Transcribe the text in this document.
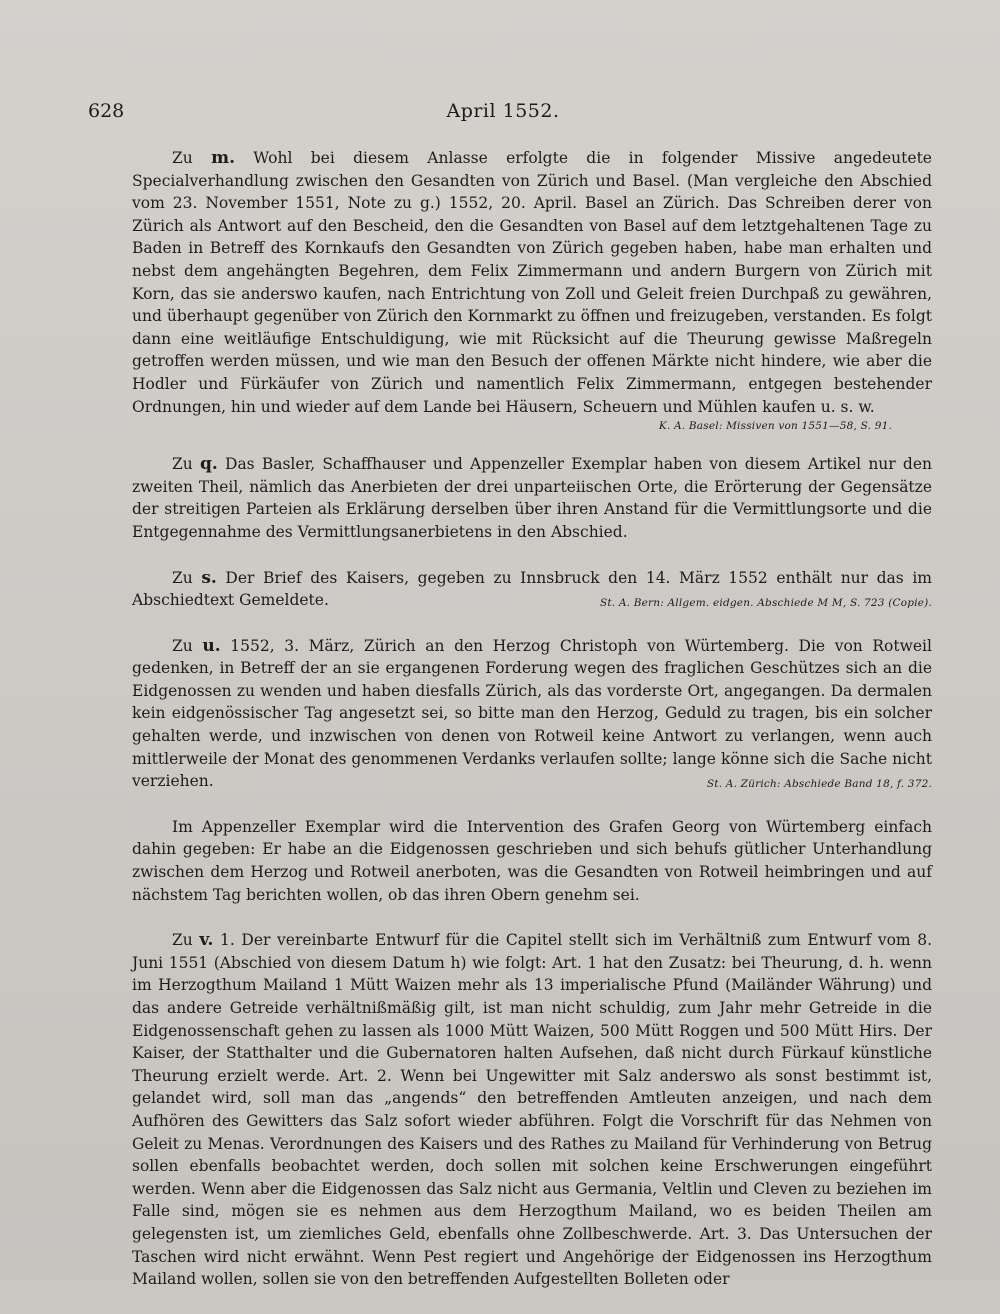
628	April 1552.

Zu m. Wohl bei diesem Anlasse erfolgte die in folgender Missive angedeutete Specialverhandlung zwischen den Gesandten von Zürich und Basel. (Man vergleiche den Abschied vom 23. November 1551, Note zu g.) 1552, 20. April. Basel an Zürich. Das Schreiben derer von Zürich als Antwort auf den Bescheid, den die Gesandten von Basel auf dem letztgehaltenen Tage zu Baden in Betreff des Kornkaufs den Gesandten von Zürich gegeben haben, habe man erhalten und nebst dem angehängten Begehren, dem Felix Zimmermann und andern Burgern von Zürich mit Korn, das sie anderswo kaufen, nach Entrichtung von Zoll und Geleit freien Durchpaß zu gewähren, und überhaupt gegenüber von Zürich den Kornmarkt zu öffnen und freizugeben, verstanden. Es folgt dann eine weitläufige Entschuldigung, wie mit Rücksicht auf die Theurung gewisse Maßregeln getroffen werden müssen, und wie man den Besuch der offenen Märkte nicht hindere, wie aber die Hodler und Fürkäufer von Zürich und namentlich Felix Zimmermann, entgegen bestehender Ordnungen, hin und wieder auf dem Lande bei Häusern, Scheuern und Mühlen kaufen u. s. w.
K. A. Basel: Missiven von 1551—58, S. 91.

Zu q. Das Basler, Schaffhauser und Appenzeller Exemplar haben von diesem Artikel nur den zweiten Theil, nämlich das Anerbieten der drei unparteiischen Orte, die Erörterung der Gegensätze der streitigen Parteien als Erklärung derselben über ihren Anstand für die Vermittlungsorte und die Entgegennahme des Vermittlungsanerbietens in den Abschied.

Zu s. Der Brief des Kaisers, gegeben zu Innsbruck den 14. März 1552 enthält nur das im Abschiedtext Gemeldete.	St. A. Bern: Allgem. eidgen. Abschiede M M, S. 723 (Copie).

Zu u. 1552, 3. März, Zürich an den Herzog Christoph von Würtemberg. Die von Rotweil gedenken, in Betreff der an sie ergangenen Forderung wegen des fraglichen Geschützes sich an die Eidgenossen zu wenden und haben diesfalls Zürich, als das vorderste Ort, angegangen. Da dermalen kein eidgenössischer Tag angesetzt sei, so bitte man den Herzog, Geduld zu tragen, bis ein solcher gehalten werde, und inzwischen von denen von Rotweil keine Antwort zu verlangen, wenn auch mittlerweile der Monat des genommenen Verdanks verlaufen sollte; lange könne sich die Sache nicht verziehen.	St. A. Zürich: Abschiede Band 18, f. 372.

Im Appenzeller Exemplar wird die Intervention des Grafen Georg von Würtemberg einfach dahin gegeben: Er habe an die Eidgenossen geschrieben und sich behufs gütlicher Unterhandlung zwischen dem Herzog und Rotweil anerboten, was die Gesandten von Rotweil heimbringen und auf nächstem Tag berichten wollen, ob das ihren Obern genehm sei.

Zu v. 1. Der vereinbarte Entwurf für die Capitel stellt sich im Verhältniß zum Entwurf vom 8. Juni 1551 (Abschied von diesem Datum h) wie folgt: Art. 1 hat den Zusatz: bei Theurung, d. h. wenn im Herzogthum Mailand 1 Mütt Waizen mehr als 13 imperialische Pfund (Mailänder Währung) und das andere Getreide verhältnißmäßig gilt, ist man nicht schuldig, zum Jahr mehr Getreide in die Eidgenossenschaft gehen zu lassen als 1000 Mütt Waizen, 500 Mütt Roggen und 500 Mütt Hirs. Der Kaiser, der Statthalter und die Gubernatoren halten Aufsehen, daß nicht durch Fürkauf künstliche Theurung erzielt werde. Art. 2. Wenn bei Ungewitter mit Salz anderswo als sonst bestimmt ist, gelandet wird, soll man das „angends“ den betreffenden Amtleuten anzeigen, und nach dem Aufhören des Gewitters das Salz sofort wieder abführen. Folgt die Vorschrift für das Nehmen von Geleit zu Menas. Verordnungen des Kaisers und des Rathes zu Mailand für Verhinderung von Betrug sollen ebenfalls beobachtet werden, doch sollen mit solchen keine Erschwerungen eingeführt werden. Wenn aber die Eidgenossen das Salz nicht aus Germania, Veltlin und Cleven zu beziehen im Falle sind, mögen sie es nehmen aus dem Herzogthum Mailand, wo es beiden Theilen am gelegensten ist, um ziemliches Geld, ebenfalls ohne Zollbeschwerde. Art. 3. Das Untersuchen der Taschen wird nicht erwähnt. Wenn Pest regiert und Angehörige der Eidgenossen ins Herzogthum Mailand wollen, sollen sie von den betreffenden Aufgestellten Bolleten oder
